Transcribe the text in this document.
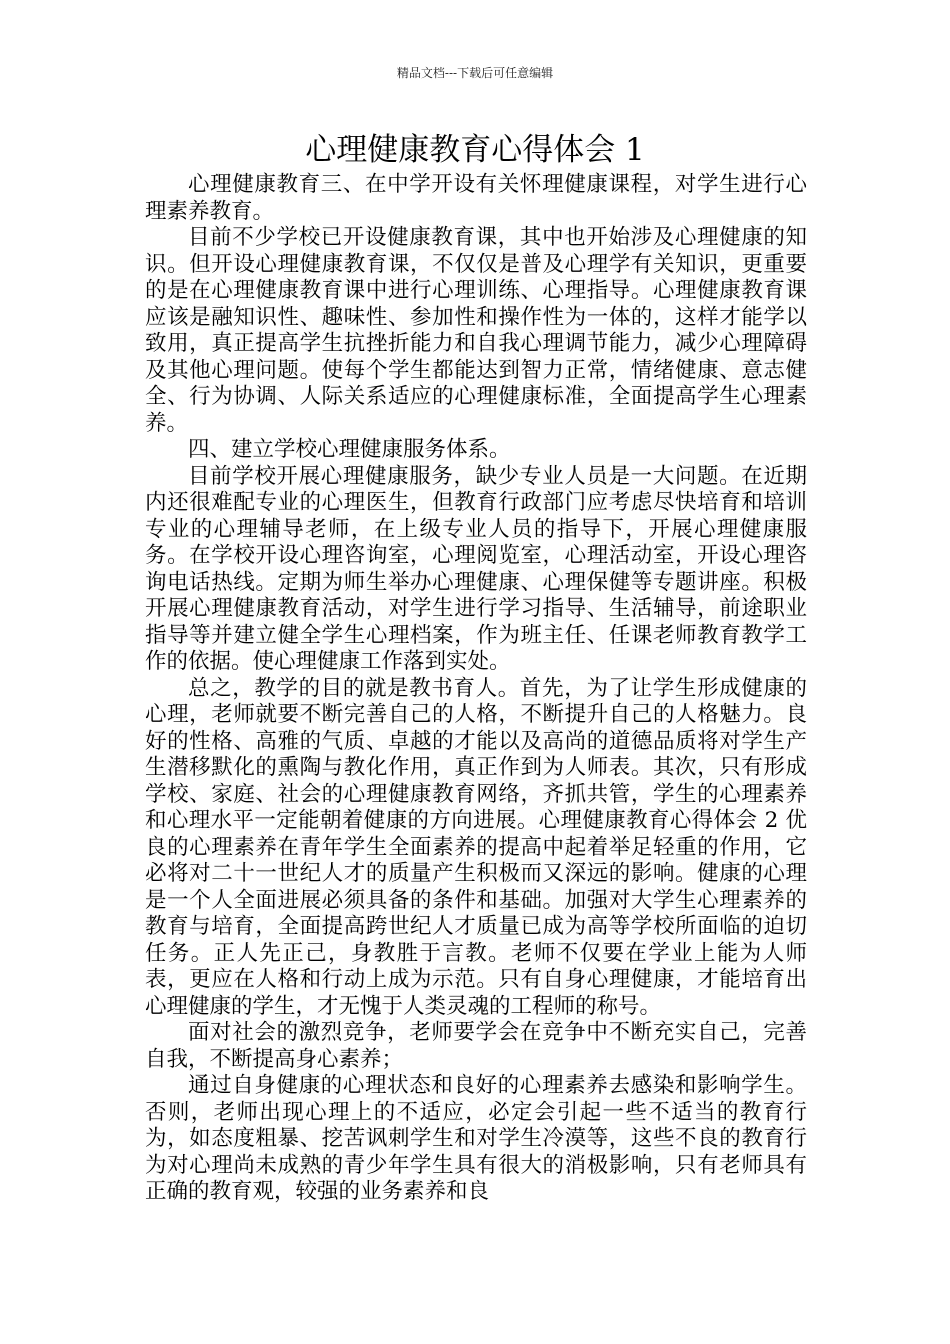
精品文档---下载后可任意编辑
心理健康教育心得体会 1

心理健康教育三、在中学开设有关怀理健康课程，对学生进行心理素养教育。

目前不少学校已开设健康教育课，其中也开始涉及心理健康的知识。但开设心理健康教育课，不仅仅是普及心理学有关知识，更重要的是在心理健康教育课中进行心理训练、心理指导。心理健康教育课应该是融知识性、趣味性、参加性和操作性为一体的，这样才能学以致用，真正提高学生抗挫折能力和自我心理调节能力，减少心理障碍及其他心理问题。使每个学生都能达到智力正常，情绪健康、意志健全、行为协调、人际关系适应的心理健康标准，全面提高学生心理素养。

四、建立学校心理健康服务体系。

目前学校开展心理健康服务，缺少专业人员是一大问题。在近期内还很难配专业的心理医生，但教育行政部门应考虑尽快培育和培训专业的心理辅导老师，在上级专业人员的指导下，开展心理健康服务。在学校开设心理咨询室，心理阅览室，心理活动室，开设心理咨询电话热线。定期为师生举办心理健康、心理保健等专题讲座。积极开展心理健康教育活动，对学生进行学习指导、生活辅导，前途职业指导等并建立健全学生心理档案，作为班主任、任课老师教育教学工作的依据。使心理健康工作落到实处。

总之，教学的目的就是教书育人。首先，为了让学生形成健康的心理，老师就要不断完善自己的人格，不断提升自己的人格魅力。良好的性格、高雅的气质、卓越的才能以及高尚的道德品质将对学生产生潜移默化的熏陶与教化作用，真正作到为人师表。其次，只有形成学校、家庭、社会的心理健康教育网络，齐抓共管，学生的心理素养和心理水平一定能朝着健康的方向进展。心理健康教育心得体会 2 优良的心理素养在青年学生全面素养的提高中起着举足轻重的作用，它必将对二十一世纪人才的质量产生积极而又深远的影响。健康的心理是一个人全面进展必须具备的条件和基础。加强对大学生心理素养的教育与培育，全面提高跨世纪人才质量已成为高等学校所面临的迫切任务。正人先正己，身教胜于言教。老师不仅要在学业上能为人师表，更应在人格和行动上成为示范。只有自身心理健康，才能培育出心理健康的学生，才无愧于人类灵魂的工程师的称号。

面对社会的激烈竞争，老师要学会在竞争中不断充实自己，完善自我，不断提高身心素养；

通过自身健康的心理状态和良好的心理素养去感染和影响学生。否则，老师出现心理上的不适应，必定会引起一些不适当的教育行为，如态度粗暴、挖苦讽刺学生和对学生冷漠等，这些不良的教育行为对心理尚未成熟的青少年学生具有很大的消极影响，只有老师具有正确的教育观，较强的业务素养和良
